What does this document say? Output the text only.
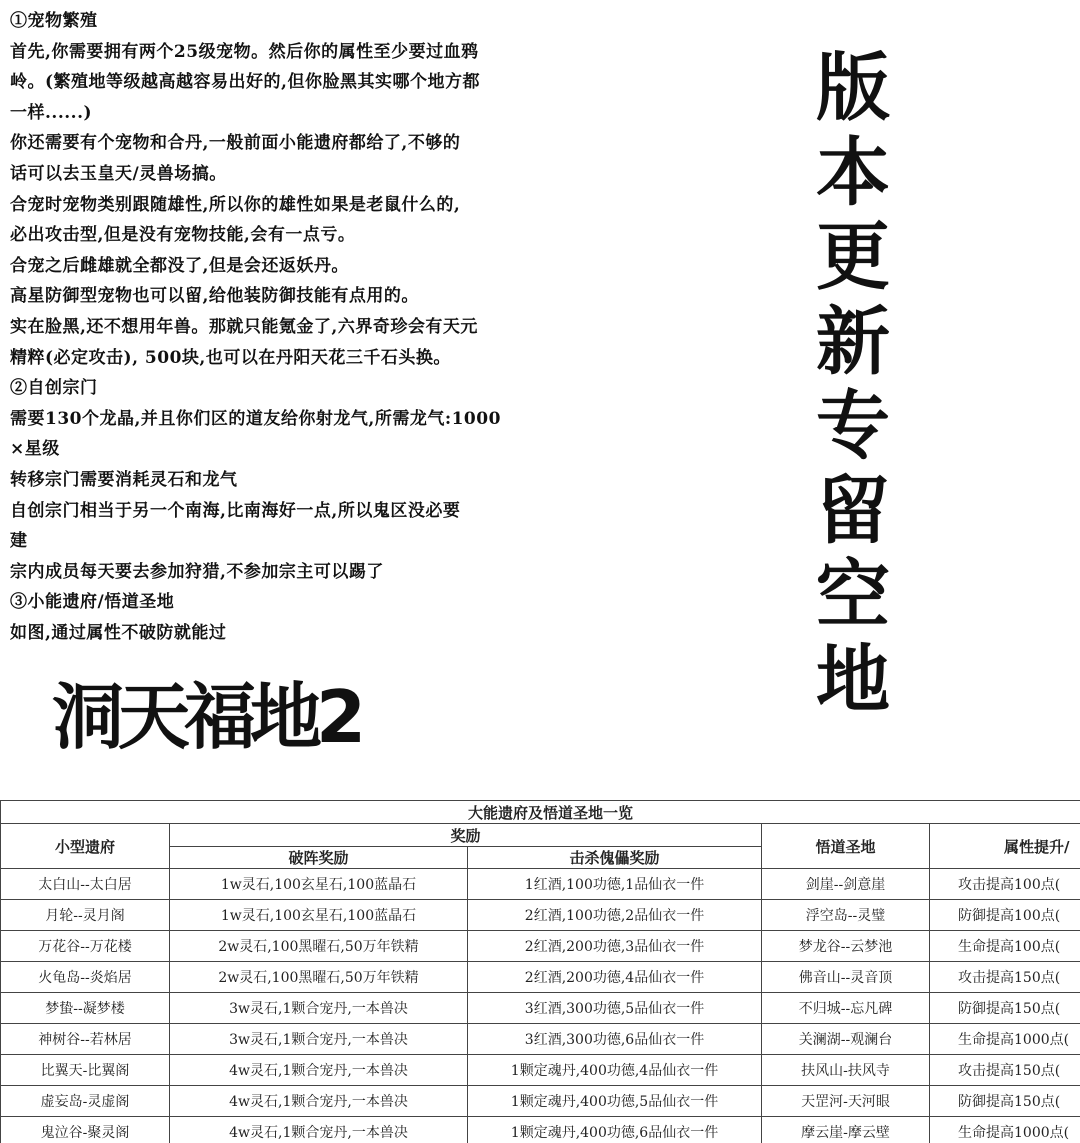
①宠物繁殖
首先,你需要拥有两个25级宠物。然后你的属性至少要过血鸦
岭。(繁殖地等级越高越容易出好的,但你脸黑其实哪个地方都
一样......)
你还需要有个宠物和合丹,一般前面小能遗府都给了,不够的
话可以去玉皇天/灵兽场搞。
合宠时宠物类别跟随雄性,所以你的雄性如果是老鼠什么的,
必出攻击型,但是没有宠物技能,会有一点亏。
合宠之后雌雄就全都没了,但是会还返妖丹。
高星防御型宠物也可以留,给他装防御技能有点用的。
实在脸黑,还不想用年兽。那就只能氪金了,六界奇珍会有天元
精粹(必定攻击), 500块,也可以在丹阳天花三千石头换。
②自创宗门
需要130个龙晶,并且你们区的道友给你射龙气,所需龙气:1000
×星级
转移宗门需要消耗灵石和龙气
自创宗门相当于另一个南海,比南海好一点,所以鬼区没必要
建
宗内成员每天要去参加狩猎,不参加宗主可以踢了
③小能遗府/悟道圣地
如图,通过属性不破防就能过
洞天福地2
版
本
更
新
专
留
空
地
大能遗府及悟道圣地一览				
小型遗府	奖励		悟道圣地	属性提升/
	破阵奖励	击杀傀儡奖励		
太白山--太白居	1w灵石,100玄星石,100蓝晶石	1红酒,100功德,1品仙衣一件	剑崖--剑意崖	攻击提高100点(
月轮--灵月阁	1w灵石,100玄星石,100蓝晶石	2红酒,100功德,2品仙衣一件	浮空岛--灵璧	防御提高100点(
万花谷--万花楼	2w灵石,100黑曜石,50万年铁精	2红酒,200功德,3品仙衣一件	梦龙谷--云梦池	生命提高100点(
火龟岛--炎焰居	2w灵石,100黑曜石,50万年铁精	2红酒,200功德,4品仙衣一件	佛音山--灵音顶	攻击提高150点(
梦蛰--凝梦楼	3w灵石,1颗合宠丹,一本兽决	3红酒,300功德,5品仙衣一件	不归城--忘凡碑	防御提高150点(
神树谷--若林居	3w灵石,1颗合宠丹,一本兽决	3红酒,300功德,6品仙衣一件	关澜湖--观澜台	生命提高1000点(
比翼天-比翼阁	4w灵石,1颗合宠丹,一本兽决	1颗定魂丹,400功德,4品仙衣一件	扶风山-扶风寺	攻击提高150点(
虚妄岛-灵虚阁	4w灵石,1颗合宠丹,一本兽决	1颗定魂丹,400功德,5品仙衣一件	天罡河-天河眼	防御提高150点(
鬼泣谷-聚灵阁	4w灵石,1颗合宠丹,一本兽决	1颗定魂丹,400功德,6品仙衣一件	摩云崖-摩云壁	生命提高1000点(
